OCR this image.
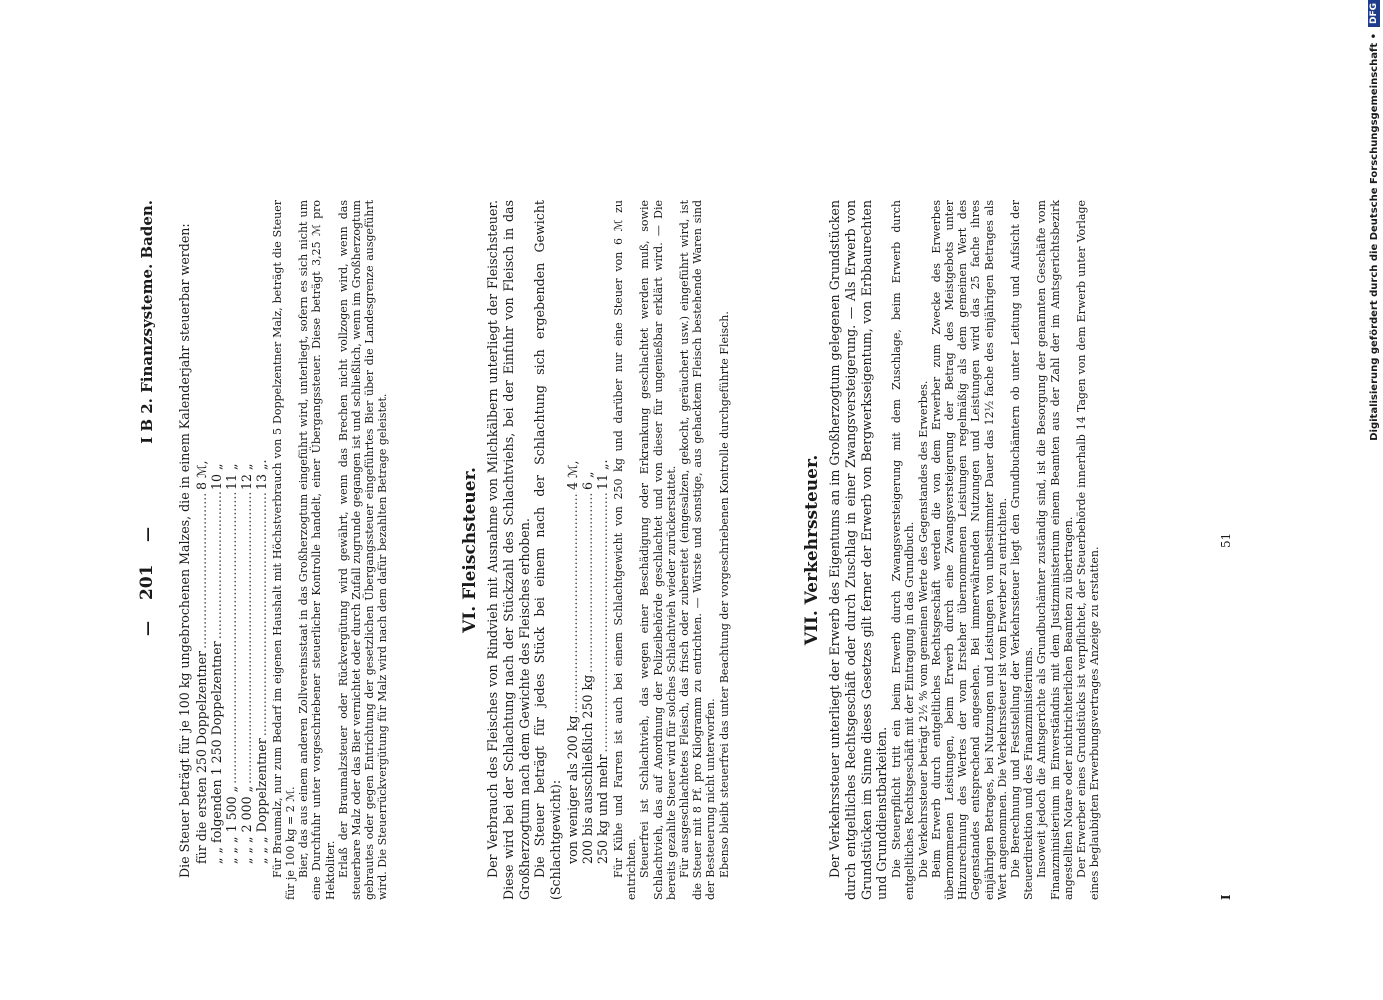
—
201
—
I B 2. Finanzsysteme. Baden. Die Steuer beträgt für je 100 kg ungebrochenen Malzes, die in einem Kalenderjahr steuerbar werden: für die ersten 250 Doppelzentner
.....
8 ℳ,
„ „ folgenden 1 250 Doppelzentner
.....
10 „
„ „ „ 1 500 „
.....
11 „
„ „ „ 2 000 „
.....
12 „
„ „ „ Doppelzentner
.....
13 „. Für Braumalz, nur zum Bedarf im eigenen Haushalt mit Höchstverbrauch von 5 Doppelzentner Malz, beträgt die Steuer für je 100 kg = 2 ℳ. Bier, das aus einem anderen Zollvereinsstaat in das Großherzogtum eingeführt wird, unterliegt, sofern es sich nicht um eine Durchfuhr unter vorgeschriebener steuerlicher Kontrolle handelt, einer Übergangssteuer. Diese beträgt 3,25 ℳ pro Hektoliter. Erlaß der Braumalzsteuer oder Rückvergütung wird gewährt, wenn das Brechen nicht vollzogen wird, wenn das steuerbare Malz oder das Bier vernichtet oder durch Zufall zugrunde gegangen ist und schließlich, wenn im Großherzogtum gebrautes oder gegen Entrichtung der gesetzlichen Übergangssteuer eingeführtes Bier über die Landesgrenze ausgeführt wird. Die Steuerrückvergütung für Malz wird nach dem dafür bezahlten Betrage geleistet.	VI. Fleischsteuer. Der Verbrauch des Fleisches von Rindvieh mit Ausnahme von Milchkälbern unterliegt der Fleischsteuer. Diese wird bei der Schlachtung nach der Stückzahl des Schlachtviehs, bei der Einfuhr von Fleisch in das Großherzogtum nach dem Gewichte des Fleisches erhoben. Die Steuer beträgt für jedes Stück bei einem nach der Schlachtung sich ergebenden Gewicht (Schlachtgewicht): von weniger als 200 kg
.....
4 ℳ,
200 bis ausschließlich 250 kg
.....
6 „
250 kg und mehr
.....
11 „. Für Kühe und Farren ist auch bei einem Schlachtgewicht von 250 kg und darüber nur eine Steuer von 6 ℳ zu entrichten. Steuerfrei ist Schlachtvieh, das wegen einer Beschädigung oder Erkrankung geschlachtet werden muß, sowie Schlachtvieh, das auf Anordnung der Polizeibehörde geschlachtet und von dieser für ungenießbar erklärt wird. — Die bereits gezahlte Steuer wird für solches Schlachtvieh wieder zurückerstattet. Für ausgeschlachtetes Fleisch, das frisch oder zubereitet (eingesalzen, gekocht, geräuchert usw.) eingeführt wird, ist die Steuer mit 8 Pf. pro Kilogramm zu entrichten. — Würste und sonstige, aus gehacktem Fleisch bestehende Waren sind der Besteuerung nicht unterworfen. Ebenso bleibt steuerfrei das unter Beachtung der vorgeschriebenen Kontrolle durchgeführte Fleisch.	VII. Verkehrssteuer. Der Verkehrssteuer unterliegt der Erwerb des Eigentums an im Großherzogtum gelegenen Grundstücken durch entgeltliches Rechtsgeschäft oder durch Zuschlag in einer Zwangsversteigerung. — Als Erwerb von Grundstücken im Sinne dieses Gesetzes gilt ferner der Erwerb von Bergwerkseigentum, von Erbbaurechten und Grunddienstbarkeiten. Die Steuerpflicht tritt ein beim Erwerb durch Zwangsversteigerung mit dem Zuschlage, beim Erwerb durch entgeltliches Rechtsgeschäft mit der Eintragung in das Grundbuch. Die Verkehrssteuer beträgt 2½ % vom gemeinen Werte des Gegenstandes des Erwerbes. Beim Erwerb durch entgeltliches Rechtsgeschäft werden die von dem Erwerber zum Zwecke des Erwerbes übernommenen Leistungen, beim Erwerb durch eine Zwangsversteigerung der Betrag des Meistgebots unter Hinzurechnung des Wertes der vom Ersteher übernommenen Leistungen regelmäßig als dem gemeinen Wert des Gegenstandes entsprechend angesehen. Bei immerwährenden Nutzungen und Leistungen wird das 25 fache ihres einjährigen Betrages, bei Nutzungen und Leistungen von unbestimmter Dauer das 12½ fache des einjährigen Betrages als Wert angenommen. Die Verkehrssteuer ist vom Erwerber zu entrichten. Die Berechnung und Feststellung der Verkehrssteuer liegt den Grundbuchämtern ob unter Leitung und Aufsicht der Steuerdirektion und des Finanzministeriums. Insoweit jedoch die Amtsgerichte als Grundbuchämter zuständig sind, ist die Besorgung der genannten Geschäfte vom Finanzministerium im Einverständnis mit dem Justizministerium einem Beamten aus der Zahl der im Amtsgerichtsbezirk angestellten Notare oder nichtrichterlichen Beamten zu übertragen. Der Erwerber eines Grundstücks ist verpflichtet, der Steuerbehörde innerhalb 14 Tagen von dem Erwerb unter Vorlage eines beglaubigten Erwerbungsvertrages Anzeige zu erstatten.	I
51
Digitalisierung gefördert durch die Deutsche Forschungsgemeinschaft •
DFG
